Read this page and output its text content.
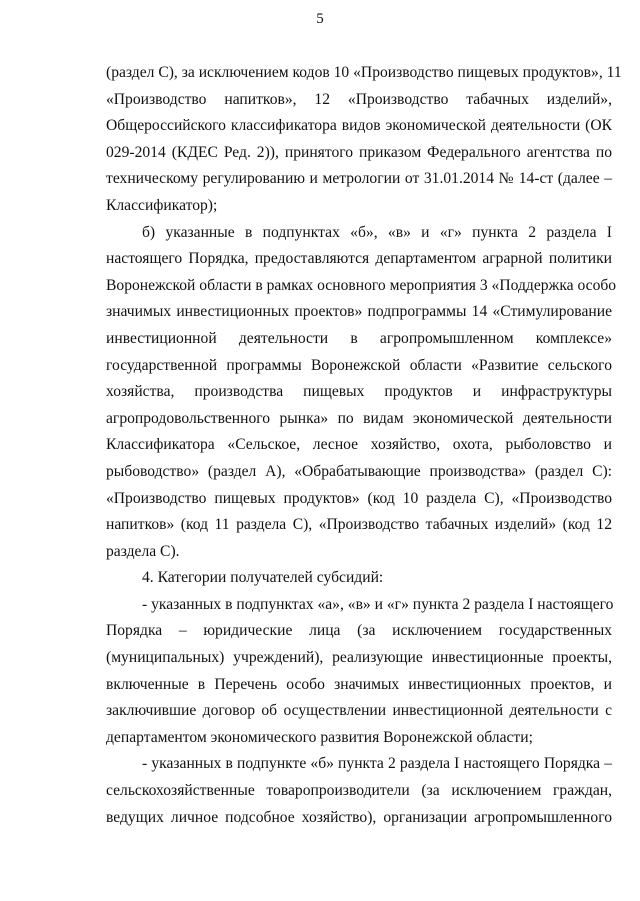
5
(раздел С), за исключением кодов 10 «Производство пищевых продуктов», 11
«Производство напитков», 12 «Производство табачных изделий»,
Общероссийского классификатора видов экономической деятельности (ОК
029-2014 (КДЕС Ред. 2)), принятого приказом Федерального агентства по
техническому регулированию и метрологии от 31.01.2014 № 14-ст (далее –
Классификатор);
б) указанные в подпунктах «б», «в» и «г» пункта 2 раздела I
настоящего Порядка, предоставляются департаментом аграрной политики
Воронежской области в рамках основного мероприятия 3 «Поддержка особо
значимых инвестиционных проектов» подпрограммы 14 «Стимулирование
инвестиционной деятельности в агропромышленном комплексе»
государственной программы Воронежской области «Развитие сельского
хозяйства, производства пищевых продуктов и инфраструктуры
агропродовольственного рынка» по видам экономической деятельности
Классификатора «Сельское, лесное хозяйство, охота, рыболовство и
рыбоводство» (раздел А), «Обрабатывающие производства» (раздел С):
«Производство пищевых продуктов» (код 10 раздела С), «Производство
напитков» (код 11 раздела С), «Производство табачных изделий» (код 12
раздела С).
4. Категории получателей субсидий:
- указанных в подпунктах «а», «в» и «г» пункта 2 раздела I настоящего
Порядка – юридические лица (за исключением государственных
(муниципальных) учреждений), реализующие инвестиционные проекты,
включенные в Перечень особо значимых инвестиционных проектов, и
заключившие договор об осуществлении инвестиционной деятельности с
департаментом экономического развития Воронежской области;
- указанных в подпункте «б» пункта 2 раздела I настоящего Порядка –
сельскохозяйственные товаропроизводители (за исключением граждан,
ведущих личное подсобное хозяйство), организации агропромышленного
